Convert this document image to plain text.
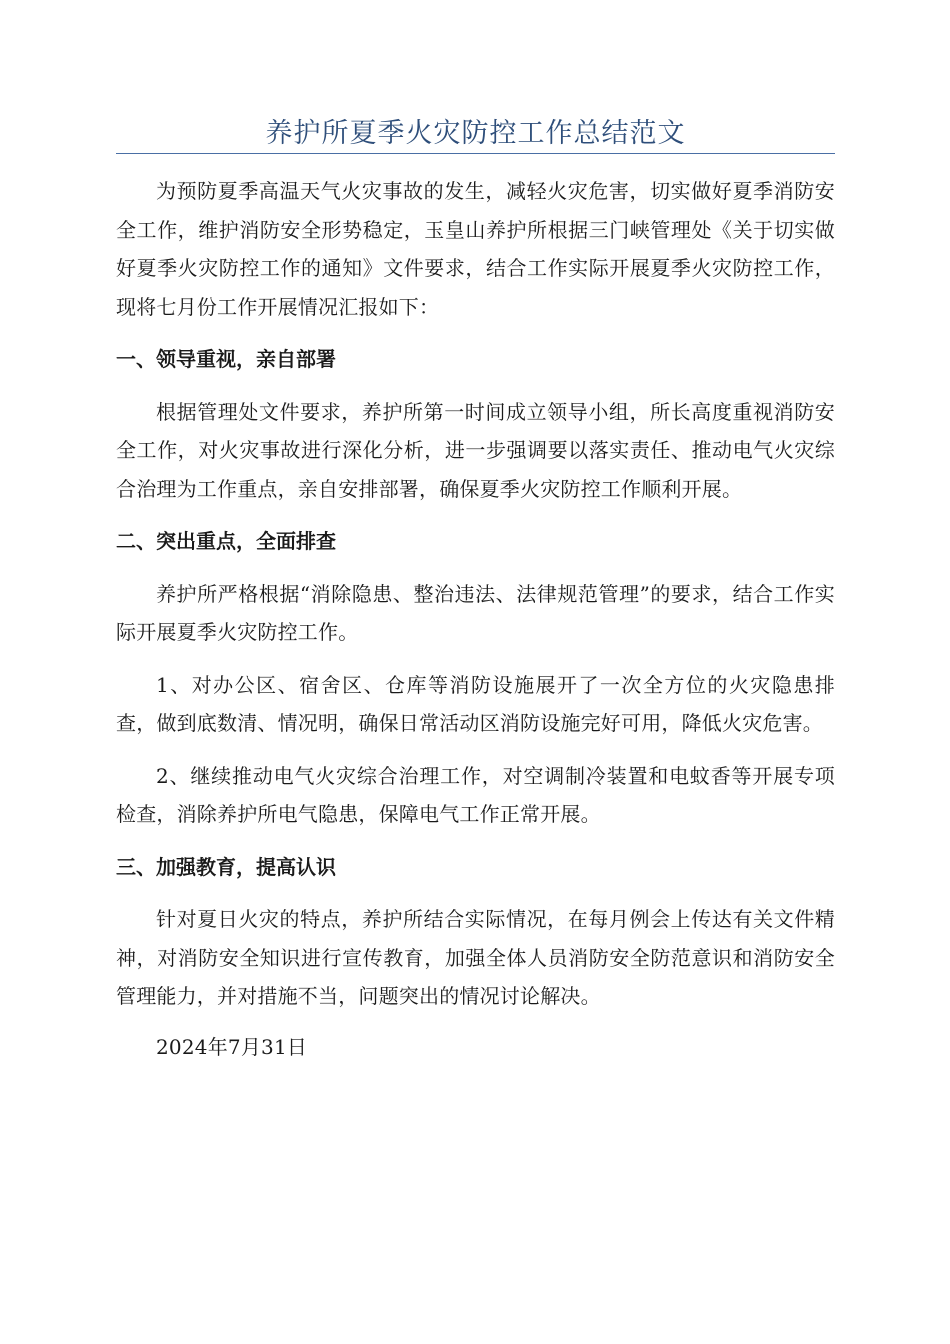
养护所夏季火灾防控工作总结范文

为预防夏季高温天气火灾事故的发生，减轻火灾危害，切实做好夏季消防安全工作，维护消防安全形势稳定，玉皇山养护所根据三门峡管理处《关于切实做好夏季火灾防控工作的通知》文件要求，结合工作实际开展夏季火灾防控工作，现将七月份工作开展情况汇报如下：

一、领导重视，亲自部署

根据管理处文件要求，养护所第一时间成立领导小组，所长高度重视消防安全工作，对火灾事故进行深化分析，进一步强调要以落实责任、推动电气火灾综合治理为工作重点，亲自安排部署，确保夏季火灾防控工作顺利开展。

二、突出重点，全面排查

养护所严格根据“消除隐患、整治违法、法律规范管理”的要求，结合工作实际开展夏季火灾防控工作。

1、对办公区、宿舍区、仓库等消防设施展开了一次全方位的火灾隐患排查，做到底数清、情况明，确保日常活动区消防设施完好可用，降低火灾危害。

2、继续推动电气火灾综合治理工作，对空调制冷装置和电蚊香等开展专项检查，消除养护所电气隐患，保障电气工作正常开展。

三、加强教育，提高认识

针对夏日火灾的特点，养护所结合实际情况，在每月例会上传达有关文件精神，对消防安全知识进行宣传教育，加强全体人员消防安全防范意识和消防安全管理能力，并对措施不当，问题突出的情况讨论解决。

2024年7月31日
